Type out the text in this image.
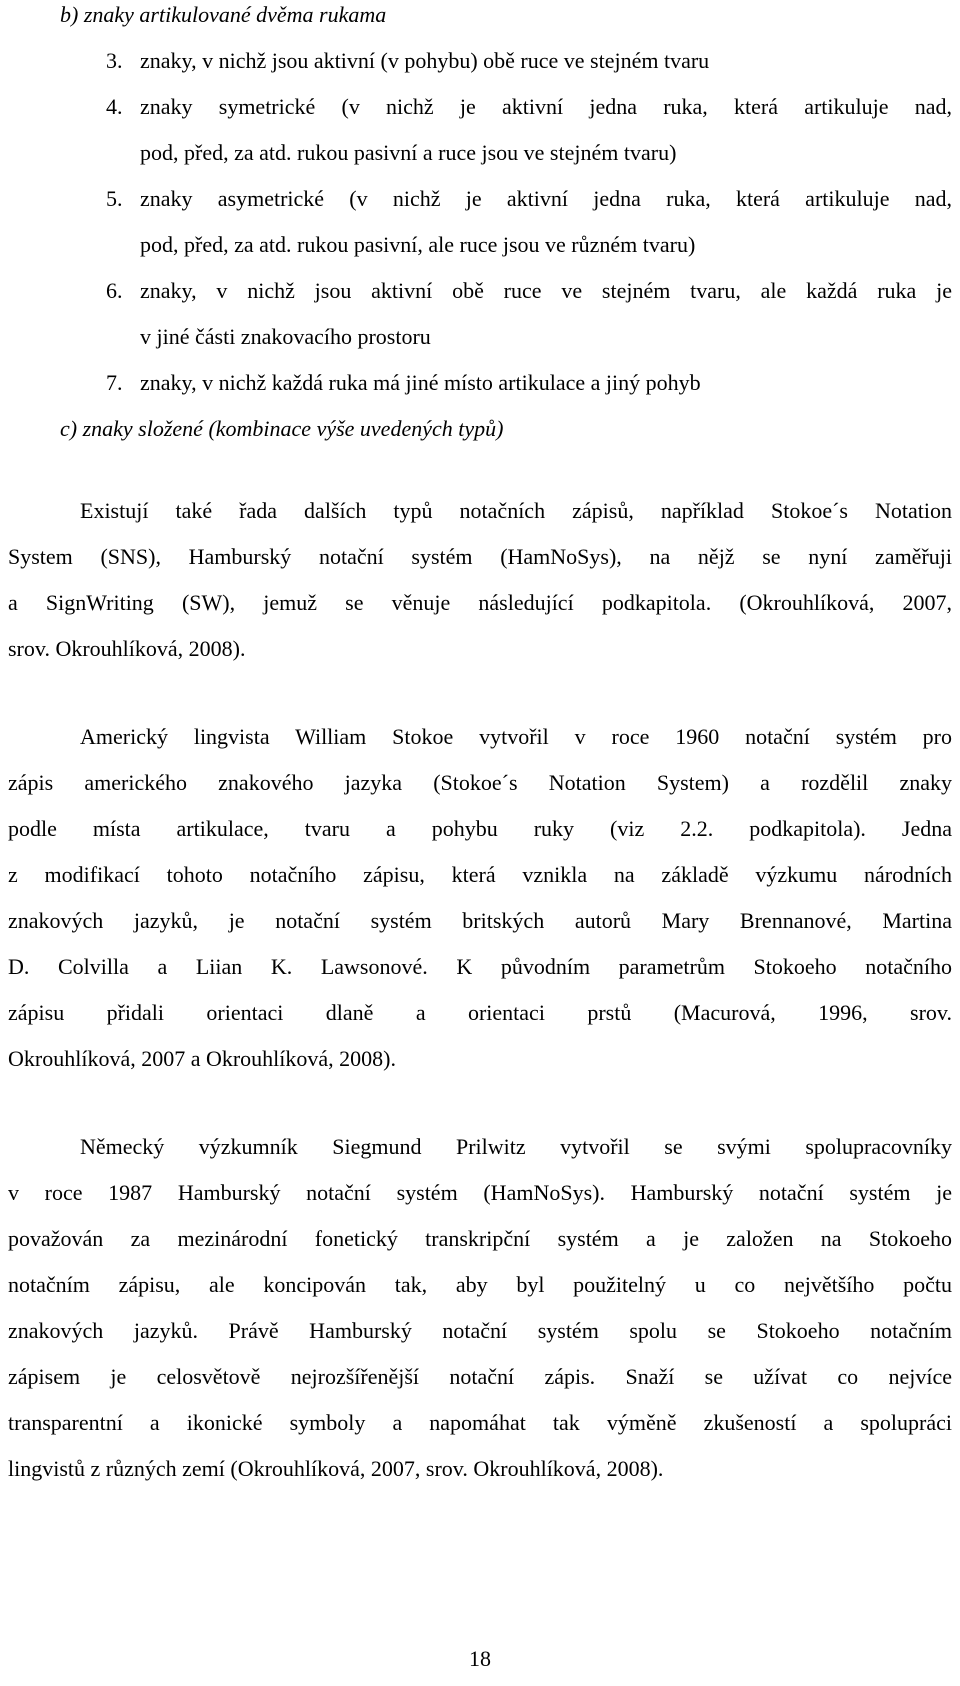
b) znaky artikulované dvěma rukama
3. znaky, v nichž jsou aktivní (v pohybu) obě ruce ve stejném tvaru
4. znaky symetrické (v nichž je aktivní jedna ruka, která artikuluje nad,
pod, před, za atd. rukou pasivní a ruce jsou ve stejném tvaru)
5. znaky asymetrické (v nichž je aktivní jedna ruka, která artikuluje nad,
pod, před, za atd. rukou pasivní, ale ruce jsou ve různém tvaru)
6. znaky, v nichž jsou aktivní obě ruce ve stejném tvaru, ale každá ruka je
v jiné části znakovacího prostoru
7. znaky, v nichž každá ruka má jiné místo artikulace a jiný pohyb
c) znaky složené (kombinace výše uvedených typů)
Existují také řada dalších typů notačních zápisů, například Stokoe´s Notation
System (SNS), Hamburský notační systém (HamNoSys), na nějž se nyní zaměřuji
a SignWriting (SW), jemuž se věnuje následující podkapitola. (Okrouhlíková, 2007,
srov. Okrouhlíková, 2008).
Americký lingvista William Stokoe vytvořil v roce 1960 notační systém pro
zápis amerického znakového jazyka (Stokoe´s Notation System) a rozdělil znaky
podle místa artikulace, tvaru a pohybu ruky (viz 2.2. podkapitola). Jedna
z modifikací tohoto notačního zápisu, která vznikla na základě výzkumu národních
znakových jazyků, je notační systém britských autorů Mary Brennanové, Martina
D. Colvilla a Liian K. Lawsonové. K původním parametrům Stokoeho notačního
zápisu přidali orientaci dlaně a orientaci prstů (Macurová, 1996, srov.
Okrouhlíková, 2007 a Okrouhlíková, 2008).
Německý výzkumník Siegmund Prilwitz vytvořil se svými spolupracovníky
v roce 1987 Hamburský notační systém (HamNoSys). Hamburský notační systém je
považován za mezinárodní fonetický transkripční systém a je založen na Stokoeho
notačním zápisu, ale koncipován tak, aby byl použitelný u co největšího počtu
znakových jazyků. Právě Hamburský notační systém spolu se Stokoeho notačním
zápisem je celosvětově nejrozšířenější notační zápis. Snaží se užívat co nejvíce
transparentní a ikonické symboly a napomáhat tak výměně zkušeností a spolupráci
lingvistů z různých zemí (Okrouhlíková, 2007, srov. Okrouhlíková, 2008).
18
